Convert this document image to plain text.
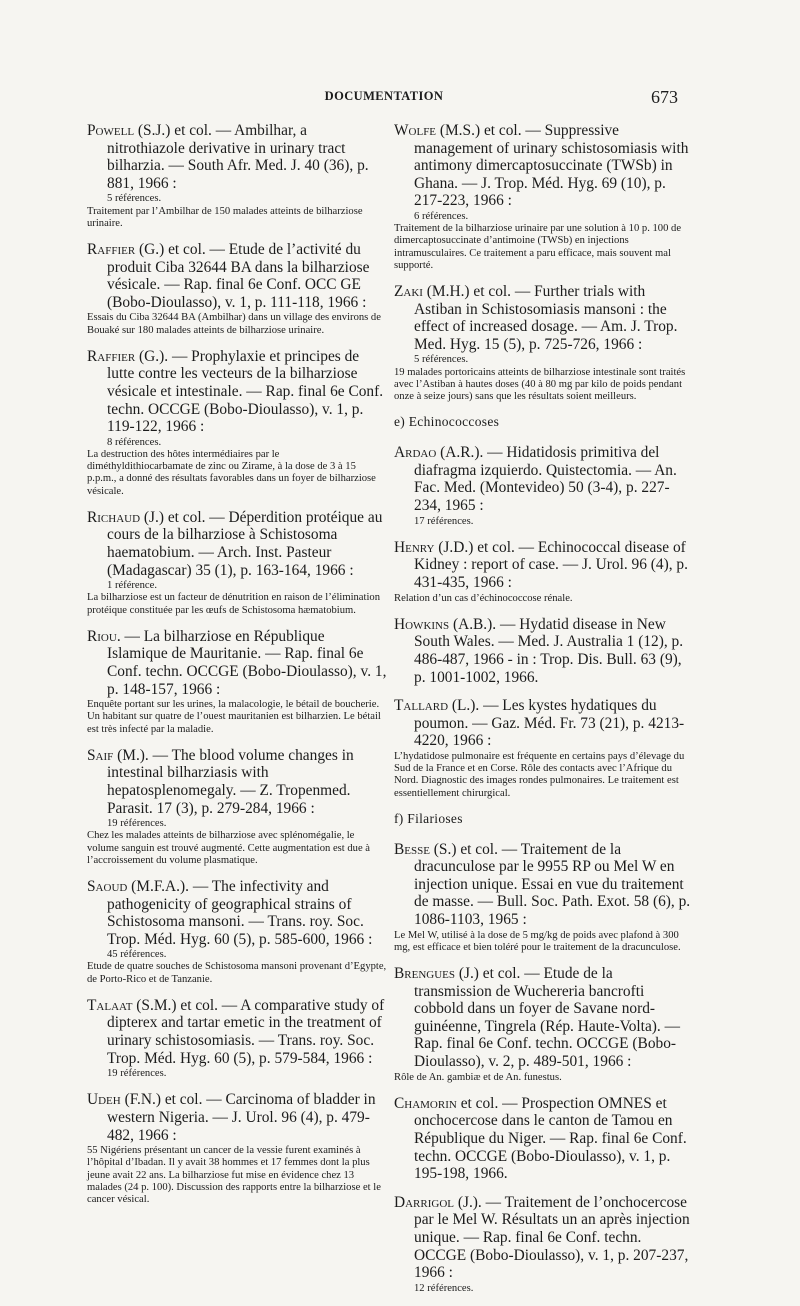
DOCUMENTATION	673
Powell (S.J.) et col. — Ambilhar, a nitrothiazole derivative in urinary tract bilharzia. — South Afr. Med. J. 40 (36), p. 881, 1966 :
5 références.
Traitement par l’Ambilhar de 150 malades atteints de bilharziose urinaire.
Raffier (G.) et col. — Etude de l’activité du produit Ciba 32644 BA dans la bilharziose vésicale. — Rap. final 6e Conf. OCC GE (Bobo-Dioulasso), v. 1, p. 111-118, 1966 :
Essais du Ciba 32644 BA (Ambilhar) dans un village des environs de Bouaké sur 180 malades atteints de bilharziose urinaire.
Raffier (G.). — Prophylaxie et principes de lutte contre les vecteurs de la bilharziose vésicale et intestinale. — Rap. final 6e Conf. techn. OCCGE (Bobo-Dioulasso), v. 1, p. 119-122, 1966 :
8 références.
La destruction des hôtes intermédiaires par le diméthyldithiocarbamate de zinc ou Zirame, à la dose de 3 à 15 p.p.m., a donné des résultats favorables dans un foyer de bilharziose vésicale.
Richaud (J.) et col. — Déperdition protéique au cours de la bilharziose à Schistosoma haematobium. — Arch. Inst. Pasteur (Madagascar) 35 (1), p. 163-164, 1966 :
1 référence.
La bilharziose est un facteur de dénutrition en raison de l’élimination protéique constituée par les œufs de Schistosoma hæmatobium.
Riou. — La bilharziose en République Islamique de Mauritanie. — Rap. final 6e Conf. techn. OCCGE (Bobo-Dioulasso), v. 1, p. 148-157, 1966 :
Enquête portant sur les urines, la malacologie, le bétail de boucherie. Un habitant sur quatre de l’ouest mauritanien est bilharzien. Le bétail est très infecté par la maladie.
Saif (M.). — The blood volume changes in intestinal bilharziasis with hepatosplenomegaly. — Z. Tropenmed. Parasit. 17 (3), p. 279-284, 1966 :
19 références.
Chez les malades atteints de bilharziose avec splénomégalie, le volume sanguin est trouvé augmenté. Cette augmentation est due à l’accroissement du volume plasmatique.
Saoud (M.F.A.). — The infectivity and pathogenicity of geographical strains of Schistosoma mansoni. — Trans. roy. Soc. Trop. Méd. Hyg. 60 (5), p. 585-600, 1966 :
45 références.
Etude de quatre souches de Schistosoma mansoni provenant d’Egypte, de Porto-Rico et de Tanzanie.
Talaat (S.M.) et col. — A comparative study of dipterex and tartar emetic in the treatment of urinary schistosomiasis. — Trans. roy. Soc. Trop. Méd. Hyg. 60 (5), p. 579-584, 1966 :
19 références.
Udeh (F.N.) et col. — Carcinoma of bladder in western Nigeria. — J. Urol. 96 (4), p. 479-482, 1966 :
55 Nigériens présentant un cancer de la vessie furent examinés à l’hôpital d’Ibadan. Il y avait 38 hommes et 17 femmes dont la plus jeune avait 22 ans. La bilharziose fut mise en évidence chez 13 malades (24 p. 100). Discussion des rapports entre la bilharziose et le cancer vésical.
Wolfe (M.S.) et col. — Suppressive management of urinary schistosomiasis with antimony dimercaptosuccinate (TWSb) in Ghana. — J. Trop. Méd. Hyg. 69 (10), p. 217-223, 1966 :
6 références.
Traitement de la bilharziose urinaire par une solution à 10 p. 100 de dimercaptosuccinate d’antimoine (TWSb) en injections intramusculaires. Ce traitement a paru efficace, mais souvent mal supporté.
Zaki (M.H.) et col. — Further trials with Astiban in Schistosomiasis mansoni : the effect of increased dosage. — Am. J. Trop. Med. Hyg. 15 (5), p. 725-726, 1966 :
5 références.
19 malades portoricains atteints de bilharziose intestinale sont traités avec l’Astiban à hautes doses (40 à 80 mg par kilo de poids pendant onze à seize jours) sans que les résultats soient meilleurs.
e) Echinococcoses
Ardao (A.R.). — Hidatidosis primitiva del diafragma izquierdo. Quistectomia. — An. Fac. Med. (Montevideo) 50 (3-4), p. 227-234, 1965 :
17 références.
Henry (J.D.) et col. — Echinococcal disease of Kidney : report of case. — J. Urol. 96 (4), p. 431-435, 1966 :
Relation d’un cas d’échinococcose rénale.
Howkins (A.B.). — Hydatid disease in New South Wales. — Med. J. Australia 1 (12), p. 486-487, 1966 - in : Trop. Dis. Bull. 63 (9), p. 1001-1002, 1966.
Tallard (L.). — Les kystes hydatiques du poumon. — Gaz. Méd. Fr. 73 (21), p. 4213-4220, 1966 :
L’hydatidose pulmonaire est fréquente en certains pays d’élevage du Sud de la France et en Corse. Rôle des contacts avec l’Afrique du Nord. Diagnostic des images rondes pulmonaires. Le traitement est essentiellement chirurgical.
f) Filarioses
Besse (S.) et col. — Traitement de la dracunculose par le 9955 RP ou Mel W en injection unique. Essai en vue du traitement de masse. — Bull. Soc. Path. Exot. 58 (6), p. 1086-1103, 1965 :
Le Mel W, utilisé à la dose de 5 mg/kg de poids avec plafond à 300 mg, est efficace et bien toléré pour le traitement de la dracunculose.
Brengues (J.) et col. — Etude de la transmission de Wuchereria bancrofti cobbold dans un foyer de Savane nord-guinéenne, Tingrela (Rép. Haute-Volta). — Rap. final 6e Conf. techn. OCCGE (Bobo-Dioulasso), v. 2, p. 489-501, 1966 :
Rôle de An. gambiæ et de An. funestus.
Chamorin et col. — Prospection OMNES et onchocercose dans le canton de Tamou en République du Niger. — Rap. final 6e Conf. techn. OCCGE (Bobo-Dioulasso), v. 1, p. 195-198, 1966.
Darrigol (J.). — Traitement de l’onchocercose par le Mel W. Résultats un an après injection unique. — Rap. final 6e Conf. techn. OCCGE (Bobo-Dioulasso), v. 1, p. 207-237, 1966 :
12 références.
